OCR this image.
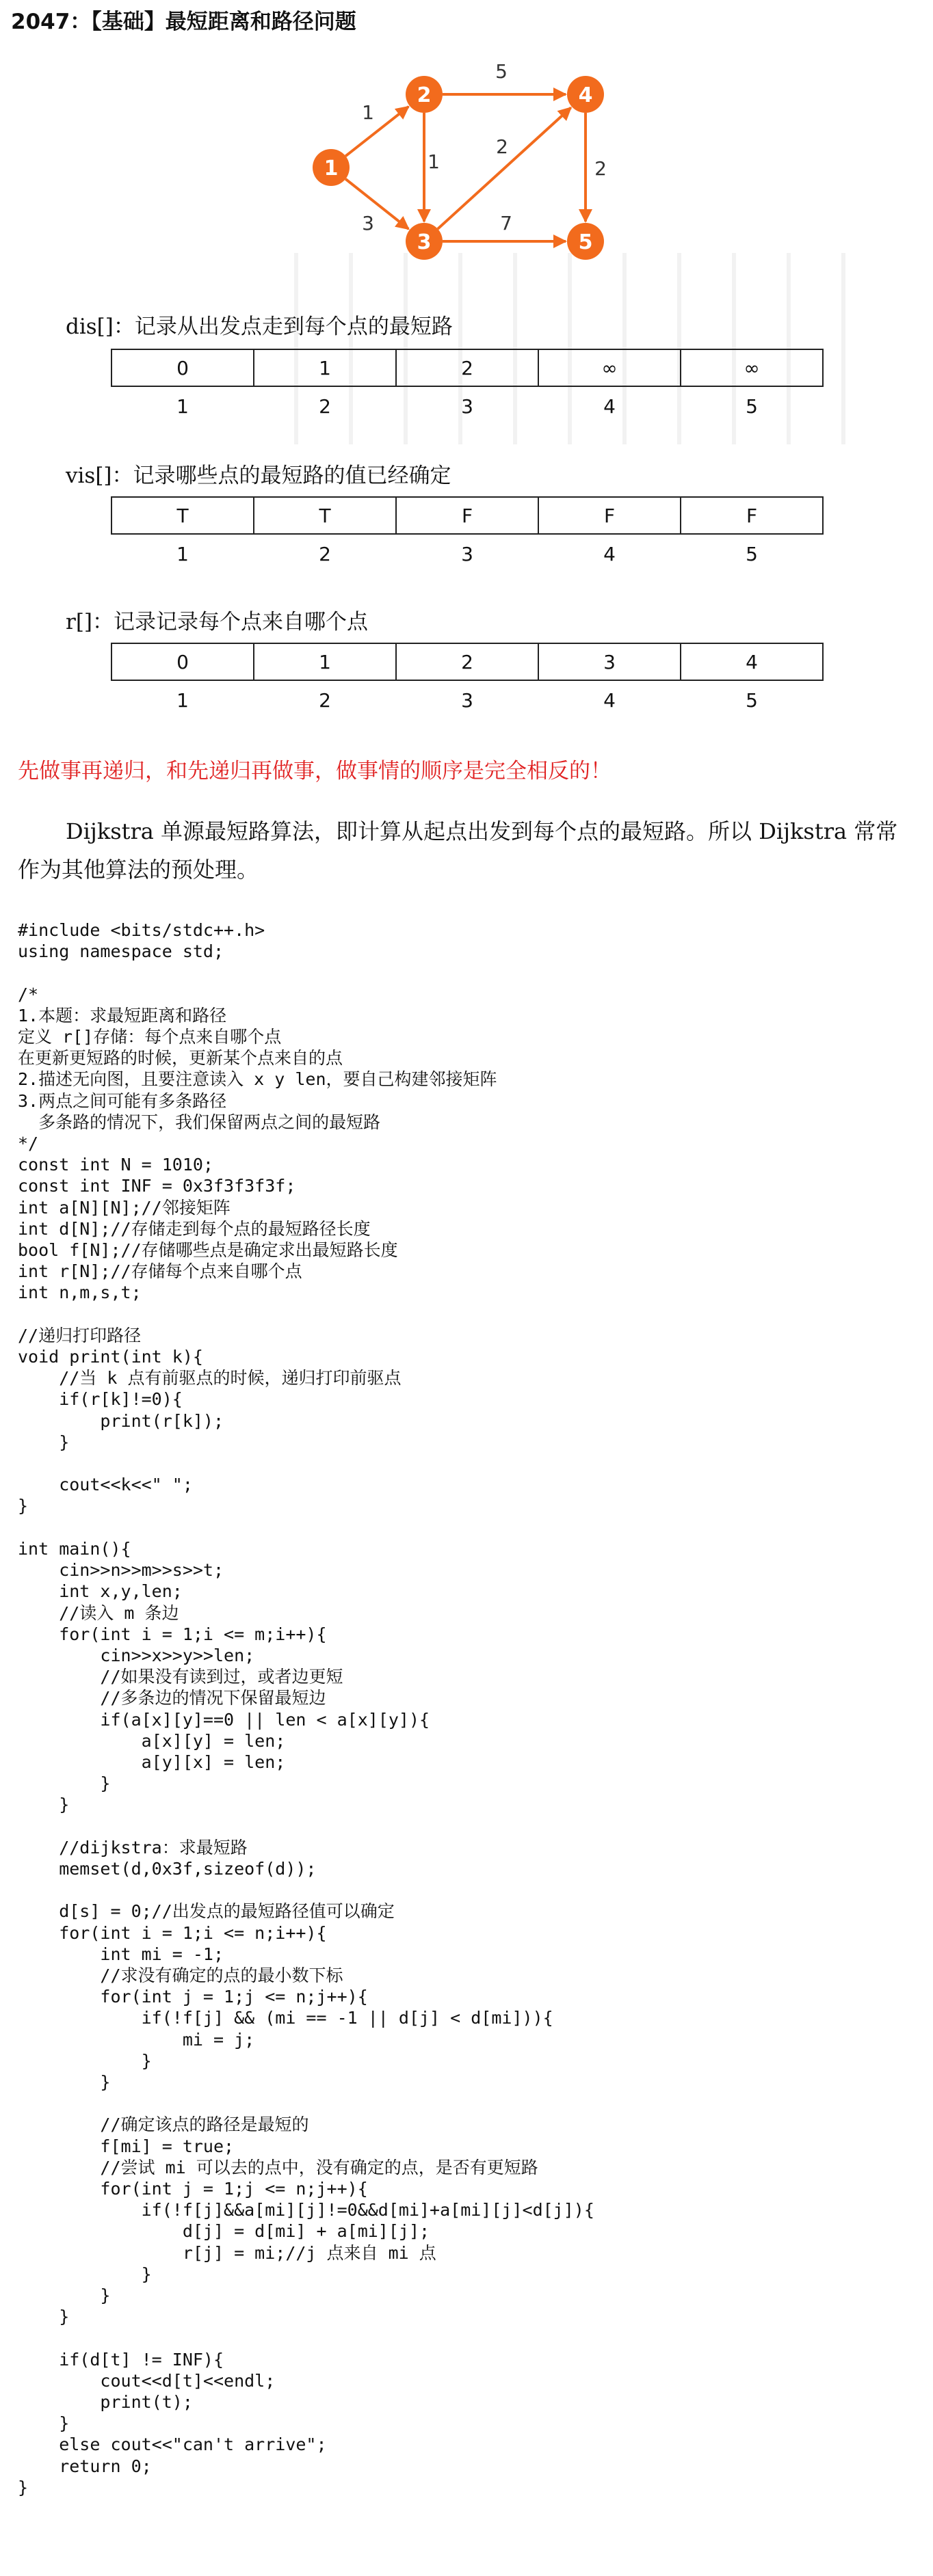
2047：【基础】最短距离和路径问题
1
3
1
5
2
7
2
1
2
3
4
5
dis[]：记录从出发点走到每个点的最短路
0	1	2	∞	∞
1	2	3	4	5
vis[]：记录哪些点的最短路的值已经确定
T	T	F	F	F
1	2	3	4	5
r[]：记录记录每个点来自哪个点
0	1	2	3	4
1	2	3	4	5
先做事再递归，和先递归再做事，做事情的顺序是完全相反的！
Dijkstra 单源最短路算法，即计算从起点出发到每个点的最短路。所以 Dijkstra 常常作为其他算法的预处理。
#include <bits/stdc++.h>
using namespace std;

/*
1.本题：求最短距离和路径
定义 r[]存储：每个点来自哪个点
在更新更短路的时候，更新某个点来自的点
2.描述无向图，且要注意读入 x y len，要自己构建邻接矩阵
3.两点之间可能有多条路径
多条路的情况下，我们保留两点之间的最短路
*/
const int N = 1010;
const int INF = 0x3f3f3f3f;
int a[N][N];//邻接矩阵
int d[N];//存储走到每个点的最短路径长度
bool f[N];//存储哪些点是确定求出最短路长度
int r[N];//存储每个点来自哪个点
int n,m,s,t;

//递归打印路径
void print(int k){
//当 k 点有前驱点的时候，递归打印前驱点
if(r[k]!=0){
print(r[k]);
}

cout<<k<<" ";
}

int main(){
cin>>n>>m>>s>>t;
int x,y,len;
//读入 m 条边
for(int i = 1;i <= m;i++){
cin>>x>>y>>len;
//如果没有读到过，或者边更短
//多条边的情况下保留最短边
if(a[x][y]==0 || len < a[x][y]){
a[x][y] = len;
a[y][x] = len;
}
}

//dijkstra：求最短路
memset(d,0x3f,sizeof(d));

d[s] = 0;//出发点的最短路径值可以确定
for(int i = 1;i <= n;i++){
int mi = -1;
//求没有确定的点的最小数下标
for(int j = 1;j <= n;j++){
if(!f[j] && (mi == -1 || d[j] < d[mi])){
mi = j;
}
}

//确定该点的路径是最短的
f[mi] = true;
//尝试 mi 可以去的点中，没有确定的点，是否有更短路
for(int j = 1;j <= n;j++){
if(!f[j]&&a[mi][j]!=0&&d[mi]+a[mi][j]<d[j]){
d[j] = d[mi] + a[mi][j];
r[j] = mi;//j 点来自 mi 点
}
}
}

if(d[t] != INF){
cout<<d[t]<<endl;
print(t);
}
else cout<<"can't arrive";
return 0;
}
